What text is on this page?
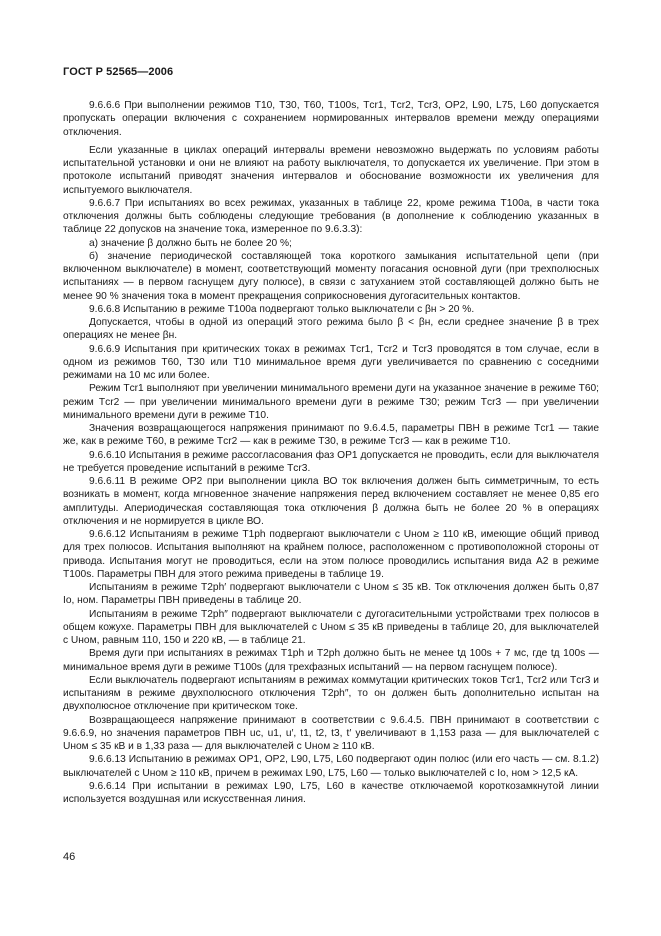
ГОСТ Р 52565—2006

9.6.6.6 При выполнении режимов Т10, Т30, Т60, Т100s, Тcr1, Тcr2, Тcr3, ОР2, L90, L75, L60 допускается пропускать операции включения с сохранением нормированных интервалов времени между операциями отключения.

Если указанные в циклах операций интервалы времени невозможно выдержать по условиям работы испытательной установки и они не влияют на работу выключателя, то допускается их увеличение. При этом в протоколе испытаний приводят значения интервалов и обоснование возможности их увеличения для испытуемого выключателя.

9.6.6.7 При испытаниях во всех режимах, указанных в таблице 22, кроме режима Т100а, в части тока отключения должны быть соблюдены следующие требования (в дополнение к соблюдению указанных в таблице 22 допусков на значение тока, измеренное по 9.6.3.3):

а) значение β должно быть не более 20 %;

б) значение периодической составляющей тока короткого замыкания испытательной цепи (при включенном выключателе) в момент, соответствующий моменту погасания основной дуги (при трехполюсных испытаниях — в первом гаснущем дугу полюсе), в связи с затуханием этой составляющей должно быть не менее 90 % значения тока в момент прекращения соприкосновения дугогасительных контактов.

9.6.6.8 Испытанию в режиме Т100а подвергают только выключатели с βн > 20 %.

Допускается, чтобы в одной из операций этого режима было β < βн, если среднее значение β в трех операциях не менее βн.

9.6.6.9 Испытания при критических токах в режимах Тcr1, Тcr2 и Тcr3 проводятся в том случае, если в одном из режимов Т60, Т30 или Т10 минимальное время дуги увеличивается по сравнению с соседними режимами на 10 мс или более.

Режим Тcr1 выполняют при увеличении минимального времени дуги на указанное значение в режиме Т60; режим Тcr2 — при увеличении минимального времени дуги в режиме Т30; режим Тcr3 — при увеличении минимального времени дуги в режиме Т10.

Значения возвращающегося напряжения принимают по 9.6.4.5, параметры ПВН в режиме Тcr1 — такие же, как в режиме Т60, в режиме Тcr2 — как в режиме Т30, в режиме Тcr3 — как в режиме Т10.

9.6.6.10 Испытания в режиме рассогласования фаз ОР1 допускается не проводить, если для выключателя не требуется проведение испытаний в режиме Тcr3.

9.6.6.11 В режиме ОР2 при выполнении цикла ВО ток включения должен быть симметричным, то есть возникать в момент, когда мгновенное значение напряжения перед включением составляет не менее 0,85 его амплитуды. Апериодическая составляющая тока отключения β должна быть не более 20 % в операциях отключения и не нормируется в цикле ВО.

9.6.6.12 Испытаниям в режиме Т1ph подвергают выключатели с Uном ≥ 110 кВ, имеющие общий привод для трех полюсов. Испытания выполняют на крайнем полюсе, расположенном с противоположной стороны от привода. Испытания могут не проводиться, если на этом полюсе проводились испытания вида А2 в режиме Т100s. Параметры ПВН для этого режима приведены в таблице 19.

Испытаниям в режиме Т2ph′ подвергают выключатели с Uном ≤ 35 кВ. Ток отключения должен быть 0,87 Iо, ном. Параметры ПВН приведены в таблице 20.

Испытаниям в режиме Т2ph″ подвергают выключатели с дугогасительными устройствами трех полюсов в общем кожухе. Параметры ПВН для выключателей с Uном ≤ 35 кВ приведены в таблице 20, для выключателей с Uном, равным 110, 150 и 220 кВ, — в таблице 21.

Время дуги при испытаниях в режимах Т1ph и Т2ph должно быть не менее tд 100s + 7 мс, где tд 100s — минимальное время дуги в режиме Т100s (для трехфазных испытаний — на первом гаснущем полюсе).

Если выключатель подвергают испытаниям в режимах коммутации критических токов Тcr1, Тcr2 или Тcr3 и испытаниям в режиме двухполюсного отключения Т2ph″, то он должен быть дополнительно испытан на двухполюсное отключение при критическом токе.

Возвращающееся напряжение принимают в соответствии с 9.6.4.5. ПВН принимают в соответствии с 9.6.6.9, но значения параметров ПВН uc, u1, u′, t1, t2, t3, t′ увеличивают в 1,153 раза — для выключателей с Uном ≤ 35 кВ и в 1,33 раза — для выключателей с Uном ≥ 110 кВ.

9.6.6.13 Испытанию в режимах ОР1, ОР2, L90, L75, L60 подвергают один полюс (или его часть — см. 8.1.2) выключателей с Uном ≥ 110 кВ, причем в режимах L90, L75, L60 — только выключателей с Iо, ном > 12,5 кА.

9.6.6.14 При испытании в режимах L90, L75, L60 в качестве отключаемой короткозамкнутой линии используется воздушная или искусственная линия.

46
